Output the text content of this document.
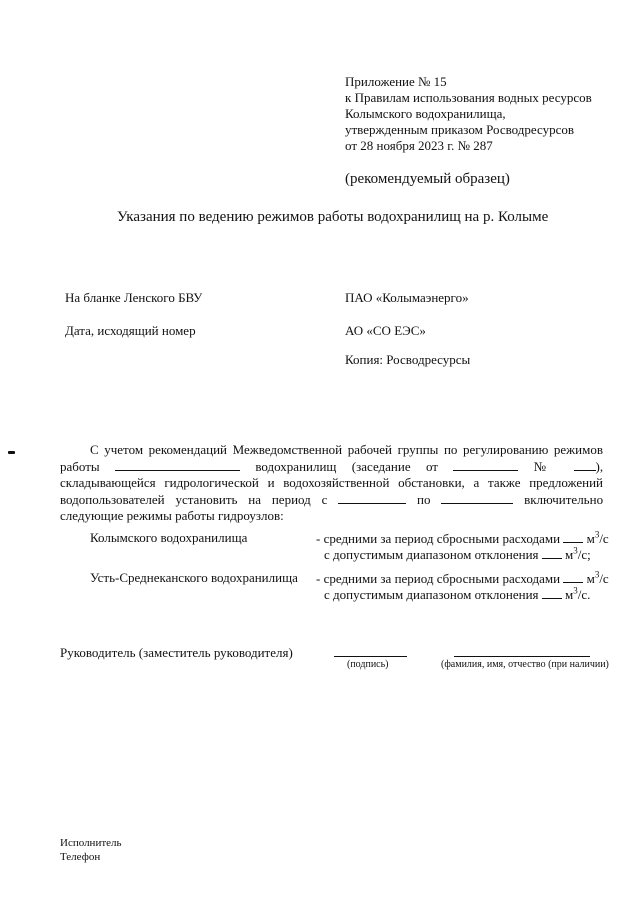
Приложение № 15
к Правилам использования водных ресурсов
Колымского водохранилища,
утвержденным приказом Росводресурсов
от 28 ноября 2023 г. № 287
(рекомендуемый образец)
Указания по ведению режимов работы водохранилищ на р. Колыме
На бланке Ленского БВУ
Дата, исходящий номер
ПАО «Колымаэнерго»
АО «СО ЕЭС»
Копия: Росводресурсы
С учетом рекомендаций Межведомственной рабочей группы по регулированию режимов
работы	водохранилищ (заседание от	№	),
складывающейся гидрологической и водохозяйственной обстановки, а также предложений
водопользователей установить на период с	по	включительно
следующие режимы работы гидроузлов:
Колымского водохранилища	- средними за период сбросными расходами $м^3/с$
с допустимым диапазоном отклонения $м^3/с$;
Усть-Среднеканского водохранилища - средними за период сбросными расходами $м^3/с$
с допустимым диапазоном отклонения $м^3/с$.
Руководитель (заместитель руководителя)
(подпись)	(фамилия, имя, отчество (при наличии)
Исполнитель
Телефон
